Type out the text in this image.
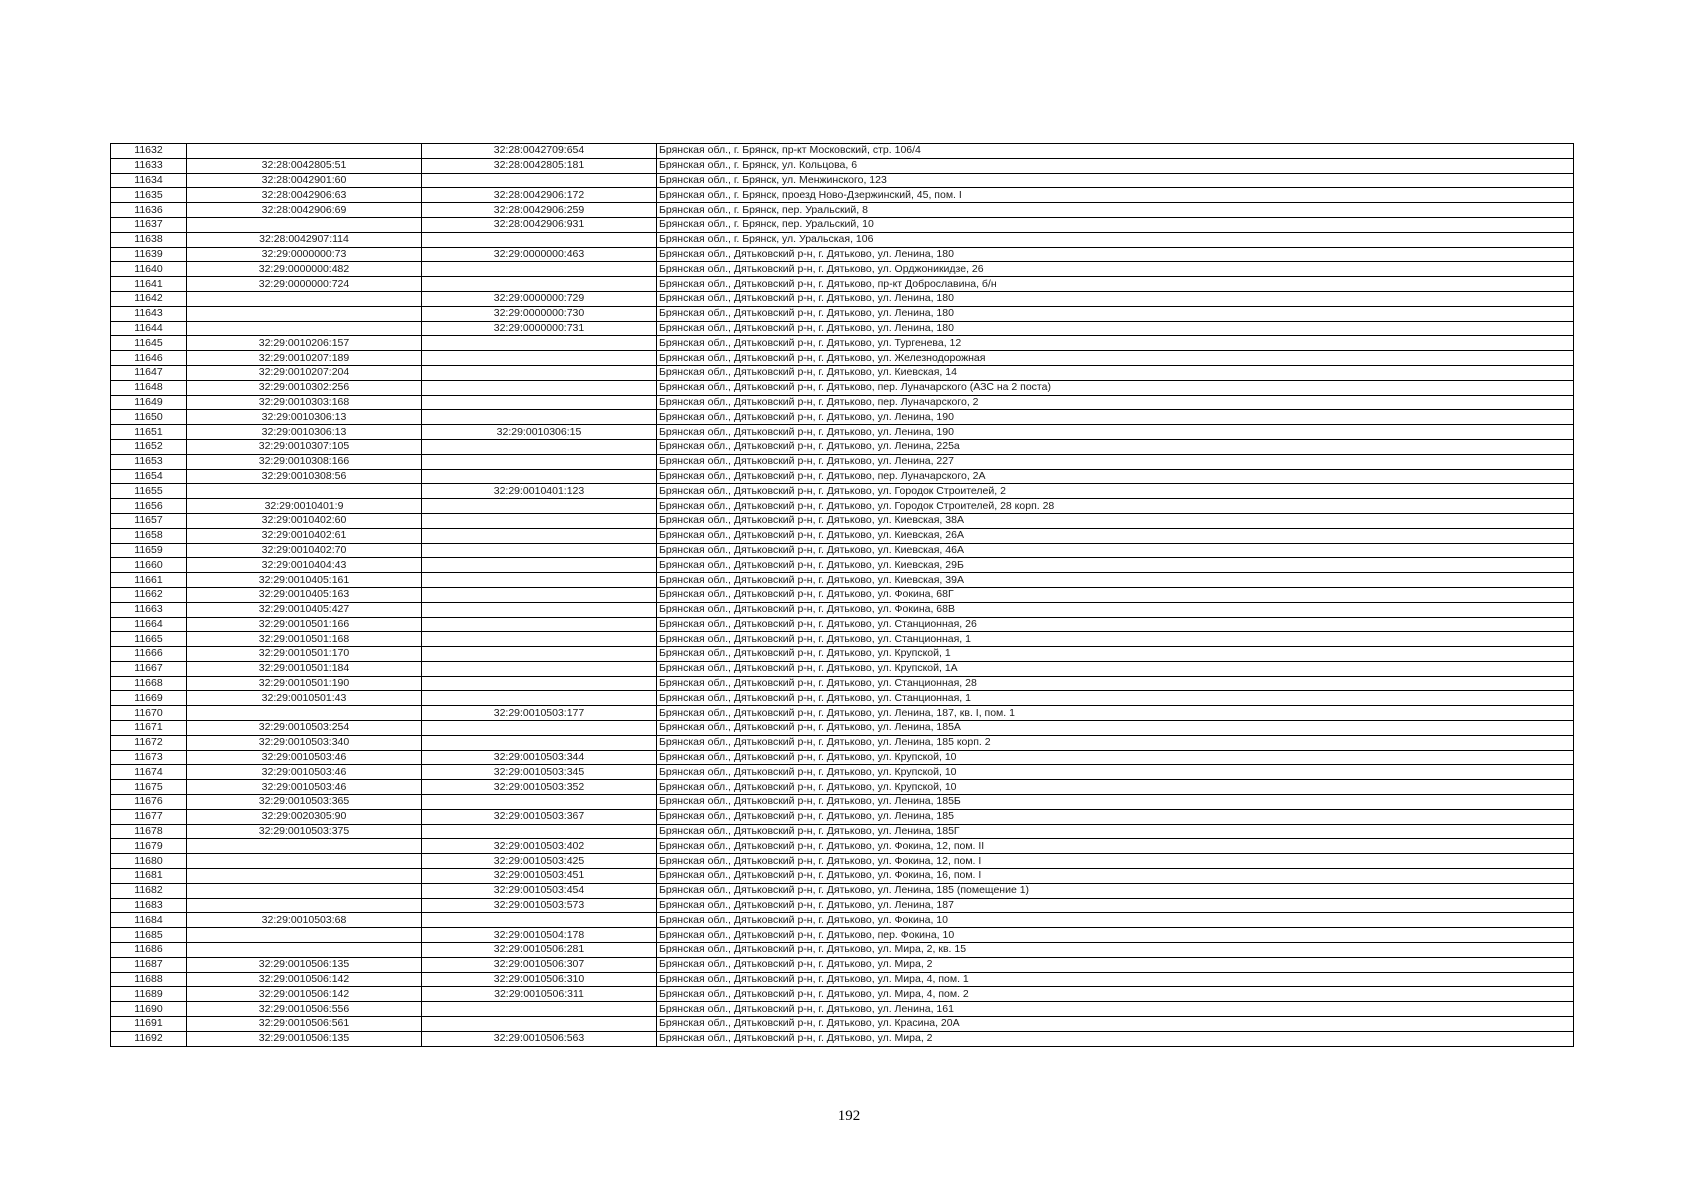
11632		32:28:0042709:654	Брянская обл., г. Брянск, пр-кт Московский, стр. 106/4
11633	32:28:0042805:51	32:28:0042805:181	Брянская обл., г. Брянск, ул. Кольцова, 6
11634	32:28:0042901:60		Брянская обл., г. Брянск, ул. Менжинского, 123
11635	32:28:0042906:63	32:28:0042906:172	Брянская обл., г. Брянск, проезд Ново-Дзержинский, 45, пом. I
11636	32:28:0042906:69	32:28:0042906:259	Брянская обл., г. Брянск, пер. Уральский, 8
11637		32:28:0042906:931	Брянская обл., г. Брянск, пер. Уральский, 10
11638	32:28:0042907:114		Брянская обл., г. Брянск, ул. Уральская, 106
11639	32:29:0000000:73	32:29:0000000:463	Брянская обл., Дятьковский р-н, г. Дятьково, ул. Ленина, 180
11640	32:29:0000000:482		Брянская обл., Дятьковский р-н, г. Дятьково, ул. Орджоникидзе, 26
11641	32:29:0000000:724		Брянская обл., Дятьковский р-н, г. Дятьково, пр-кт Доброславина, б/н
11642		32:29:0000000:729	Брянская обл., Дятьковский р-н, г. Дятьково, ул. Ленина, 180
11643		32:29:0000000:730	Брянская обл., Дятьковский р-н, г. Дятьково, ул. Ленина, 180
11644		32:29:0000000:731	Брянская обл., Дятьковский р-н, г. Дятьково, ул. Ленина, 180
11645	32:29:0010206:157		Брянская обл., Дятьковский р-н, г. Дятьково, ул. Тургенева, 12
11646	32:29:0010207:189		Брянская обл., Дятьковский р-н, г. Дятьково, ул. Железнодорожная
11647	32:29:0010207:204		Брянская обл., Дятьковский р-н, г. Дятьково, ул. Киевская, 14
11648	32:29:0010302:256		Брянская обл., Дятьковский р-н, г. Дятьково, пер. Луначарского (АЗС на 2 поста)
11649	32:29:0010303:168		Брянская обл., Дятьковский р-н, г. Дятьково, пер. Луначарского, 2
11650	32:29:0010306:13		Брянская обл., Дятьковский р-н, г. Дятьково, ул. Ленина, 190
11651	32:29:0010306:13	32:29:0010306:15	Брянская обл., Дятьковский р-н, г. Дятьково, ул. Ленина, 190
11652	32:29:0010307:105		Брянская обл., Дятьковский р-н, г. Дятьково, ул. Ленина, 225а
11653	32:29:0010308:166		Брянская обл., Дятьковский р-н, г. Дятьково, ул. Ленина, 227
11654	32:29:0010308:56		Брянская обл., Дятьковский р-н, г. Дятьково, пер. Луначарского, 2А
11655		32:29:0010401:123	Брянская обл., Дятьковский р-н, г. Дятьково, ул. Городок Строителей, 2
11656	32:29:0010401:9		Брянская обл., Дятьковский р-н, г. Дятьково, ул. Городок Строителей, 28 корп. 28
11657	32:29:0010402:60		Брянская обл., Дятьковский р-н, г. Дятьково, ул. Киевская, 38А
11658	32:29:0010402:61		Брянская обл., Дятьковский р-н, г. Дятьково, ул. Киевская, 26А
11659	32:29:0010402:70		Брянская обл., Дятьковский р-н, г. Дятьково, ул. Киевская, 46А
11660	32:29:0010404:43		Брянская обл., Дятьковский р-н, г. Дятьково, ул. Киевская, 29Б
11661	32:29:0010405:161		Брянская обл., Дятьковский р-н, г. Дятьково, ул. Киевская, 39А
11662	32:29:0010405:163		Брянская обл., Дятьковский р-н, г. Дятьково, ул. Фокина, 68Г
11663	32:29:0010405:427		Брянская обл., Дятьковский р-н, г. Дятьково, ул. Фокина, 68В
11664	32:29:0010501:166		Брянская обл., Дятьковский р-н, г. Дятьково, ул. Станционная, 26
11665	32:29:0010501:168		Брянская обл., Дятьковский р-н, г. Дятьково, ул. Станционная, 1
11666	32:29:0010501:170		Брянская обл., Дятьковский р-н, г. Дятьково, ул. Крупской, 1
11667	32:29:0010501:184		Брянская обл., Дятьковский р-н, г. Дятьково, ул. Крупской, 1А
11668	32:29:0010501:190		Брянская обл., Дятьковский р-н, г. Дятьково, ул. Станционная, 28
11669	32:29:0010501:43		Брянская обл., Дятьковский р-н, г. Дятьково, ул. Станционная, 1
11670		32:29:0010503:177	Брянская обл., Дятьковский р-н, г. Дятьково, ул. Ленина, 187, кв. I, пом. 1
11671	32:29:0010503:254		Брянская обл., Дятьковский р-н, г. Дятьково, ул. Ленина, 185А
11672	32:29:0010503:340		Брянская обл., Дятьковский р-н, г. Дятьково, ул. Ленина, 185 корп. 2
11673	32:29:0010503:46	32:29:0010503:344	Брянская обл., Дятьковский р-н, г. Дятьково, ул. Крупской, 10
11674	32:29:0010503:46	32:29:0010503:345	Брянская обл., Дятьковский р-н, г. Дятьково, ул. Крупской, 10
11675	32:29:0010503:46	32:29:0010503:352	Брянская обл., Дятьковский р-н, г. Дятьково, ул. Крупской, 10
11676	32:29:0010503:365		Брянская обл., Дятьковский р-н, г. Дятьково, ул. Ленина, 185Б
11677	32:29:0020305:90	32:29:0010503:367	Брянская обл., Дятьковский р-н, г. Дятьково, ул. Ленина, 185
11678	32:29:0010503:375		Брянская обл., Дятьковский р-н, г. Дятьково, ул. Ленина, 185Г
11679		32:29:0010503:402	Брянская обл., Дятьковский р-н, г. Дятьково, ул. Фокина, 12, пом. II
11680		32:29:0010503:425	Брянская обл., Дятьковский р-н, г. Дятьково, ул. Фокина, 12, пом. I
11681		32:29:0010503:451	Брянская обл., Дятьковский р-н, г. Дятьково, ул. Фокина, 16, пом. I
11682		32:29:0010503:454	Брянская обл., Дятьковский р-н, г. Дятьково, ул. Ленина, 185 (помещение 1)
11683		32:29:0010503:573	Брянская обл., Дятьковский р-н, г. Дятьково, ул. Ленина, 187
11684	32:29:0010503:68		Брянская обл., Дятьковский р-н, г. Дятьково, ул. Фокина, 10
11685		32:29:0010504:178	Брянская обл., Дятьковский р-н, г. Дятьково, пер. Фокина, 10
11686		32:29:0010506:281	Брянская обл., Дятьковский р-н, г. Дятьково, ул. Мира, 2, кв. 15
11687	32:29:0010506:135	32:29:0010506:307	Брянская обл., Дятьковский р-н, г. Дятьково, ул. Мира, 2
11688	32:29:0010506:142	32:29:0010506:310	Брянская обл., Дятьковский р-н, г. Дятьково, ул. Мира, 4, пом. 1
11689	32:29:0010506:142	32:29:0010506:311	Брянская обл., Дятьковский р-н, г. Дятьково, ул. Мира, 4, пом. 2
11690	32:29:0010506:556		Брянская обл., Дятьковский р-н, г. Дятьково, ул. Ленина, 161
11691	32:29:0010506:561		Брянская обл., Дятьковский р-н, г. Дятьково, ул. Красина, 20А
11692	32:29:0010506:135	32:29:0010506:563	Брянская обл., Дятьковский р-н, г. Дятьково, ул. Мира, 2
192
